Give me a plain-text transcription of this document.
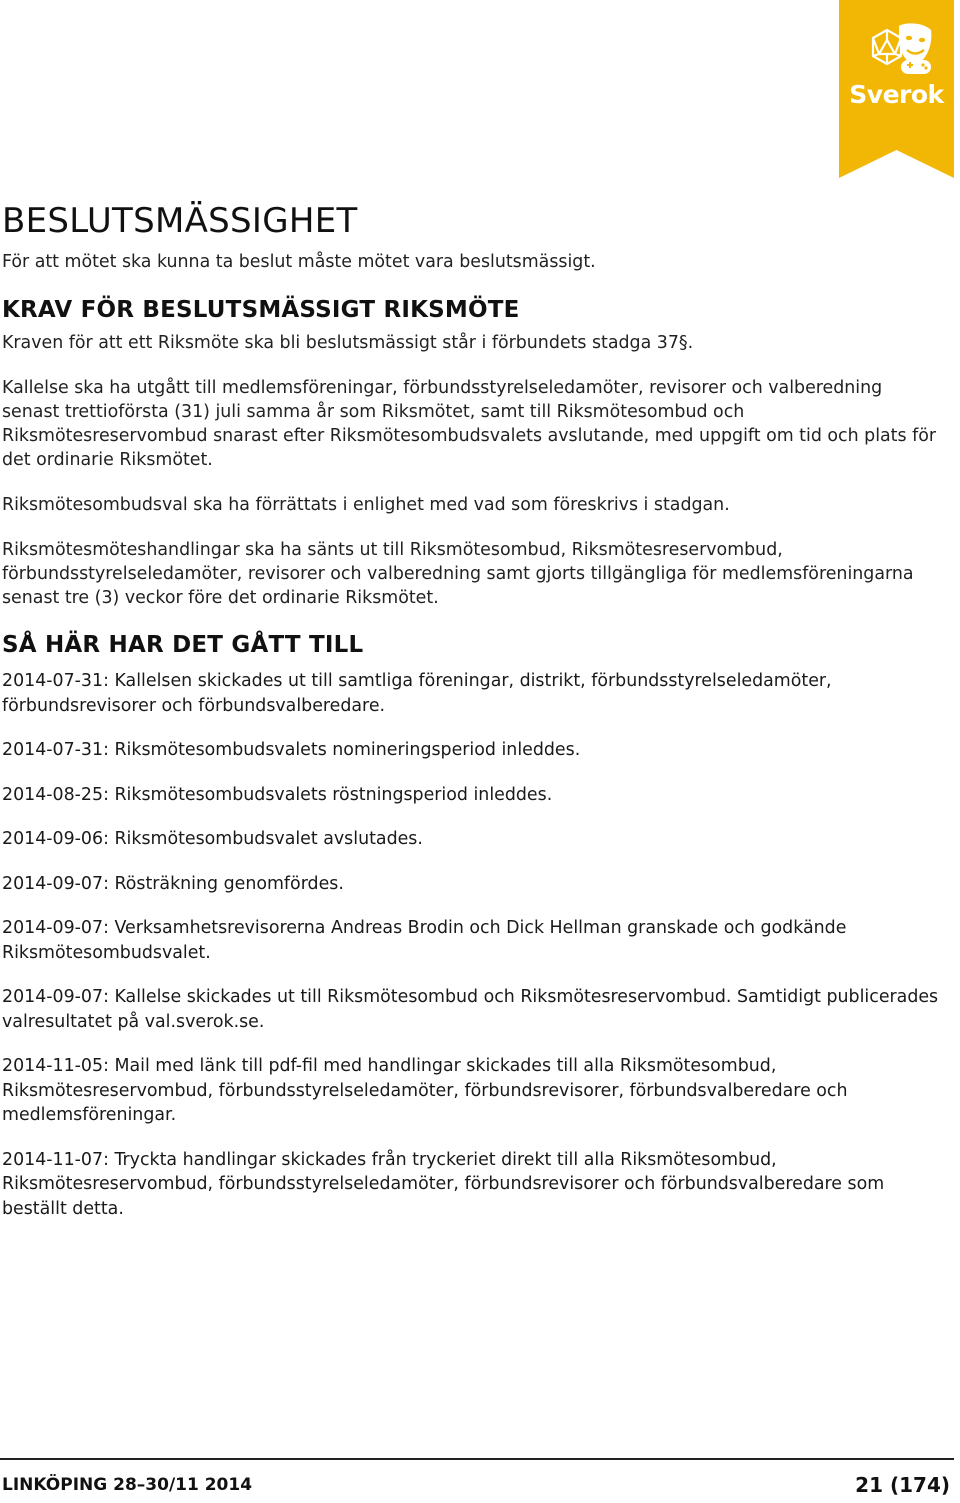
Sverok
BESLUTSMÄSSIGHET

För att mötet ska kunna ta beslut måste mötet vara beslutsmässigt.

KRAV FÖR BESLUTSMÄSSIGT RIKSMÖTE

Kraven för att ett Riksmöte ska bli beslutsmässigt står i förbundets stadga 37§.

Kallelse ska ha utgått till medlemsföreningar, förbundsstyrelseledamöter, revisorer och valberedning senast trettioförsta (31) juli samma år som Riksmötet, samt till Riksmötesombud och Riksmötesreservombud snarast efter Riksmötesombudsvalets avslutande, med uppgift om tid och plats för det ordinarie Riksmötet.

Riksmötesombudsval ska ha förrättats i enlighet med vad som föreskrivs i stadgan.

Riksmötesmöteshandlingar ska ha sänts ut till Riksmötesombud, Riksmötesreservombud, förbundsstyrelseledamöter, revisorer och valberedning samt gjorts tillgängliga för medlemsföreningarna senast tre (3) veckor före det ordinarie Riksmötet.

SÅ HÄR HAR DET GÅTT TILL

2014-07-31: Kallelsen skickades ut till samtliga föreningar, distrikt, förbundsstyrelseledamöter, förbundsrevisorer och förbundsvalberedare.

2014-07-31: Riksmötesombudsvalets nomineringsperiod inleddes.

2014-08-25: Riksmötesombudsvalets röstningsperiod inleddes.

2014-09-06: Riksmötesombudsvalet avslutades.

2014-09-07: Rösträkning genomfördes.

2014-09-07: Verksamhetsrevisorerna Andreas Brodin och Dick Hellman granskade och godkände Riksmötesombudsvalet.

2014-09-07: Kallelse skickades ut till Riksmötesombud och Riksmötesreservombud. Samtidigt publicerades valresultatet på val.sverok.se.

2014-11-05: Mail med länk till pdf-fil med handlingar skickades till alla Riksmötesombud, Riksmötesreservombud, förbundsstyrelseledamöter, förbundsrevisorer, förbundsvalberedare och medlemsföreningar.

2014-11-07: Tryckta handlingar skickades från tryckeriet direkt till alla Riksmötesombud, Riksmötesreservombud, förbundsstyrelseledamöter, förbundsrevisorer och förbundsvalberedare som beställt detta.

LINKÖPING 28–30/11 2014	21 (174)
